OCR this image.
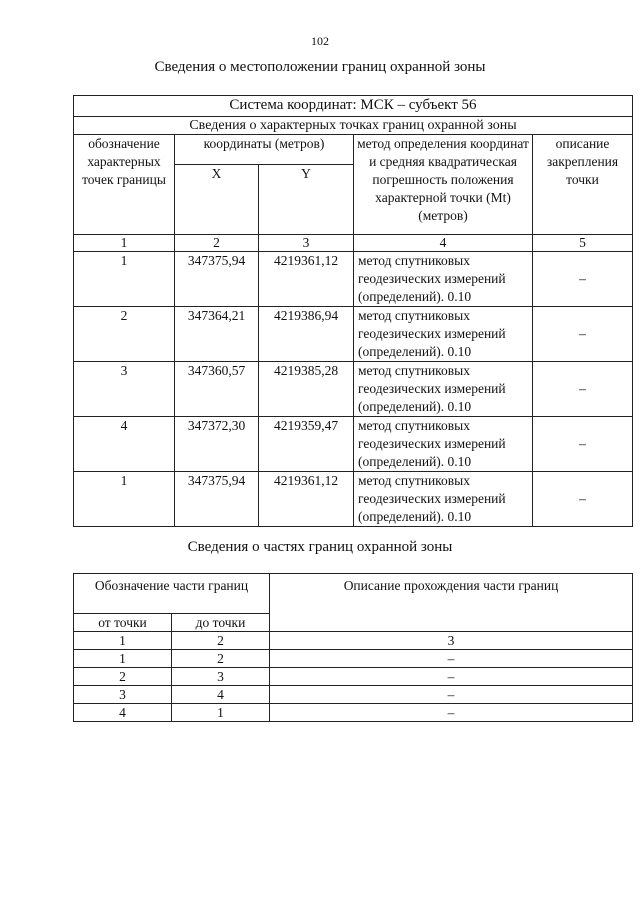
102
Сведения о местоположении границ охранной зоны
Система координат: МСК – субъект 56				
Сведения о характерных точках границ охранной зоны				
обозначение характерных точек границы	координаты (метров)		метод определения координат и средняя квадратическая погрешность положения характерной точки (Мt) (метров)	описание закрепления точки
	X	Y		
1	2	3	4	5
1	347375,94	4219361,12	метод спутниковых геодезических измерений (определений). 0.10	–
2	347364,21	4219386,94	метод спутниковых геодезических измерений (определений). 0.10	–
3	347360,57	4219385,28	метод спутниковых геодезических измерений (определений). 0.10	–
4	347372,30	4219359,47	метод спутниковых геодезических измерений (определений). 0.10	–
1	347375,94	4219361,12	метод спутниковых геодезических измерений (определений). 0.10	–
Сведения о частях границ охранной зоны
Обозначение части границ		Описание прохождения части границ
от точки	до точки	
1	2	3
1	2	–
2	3	–
3	4	–
4	1	–
